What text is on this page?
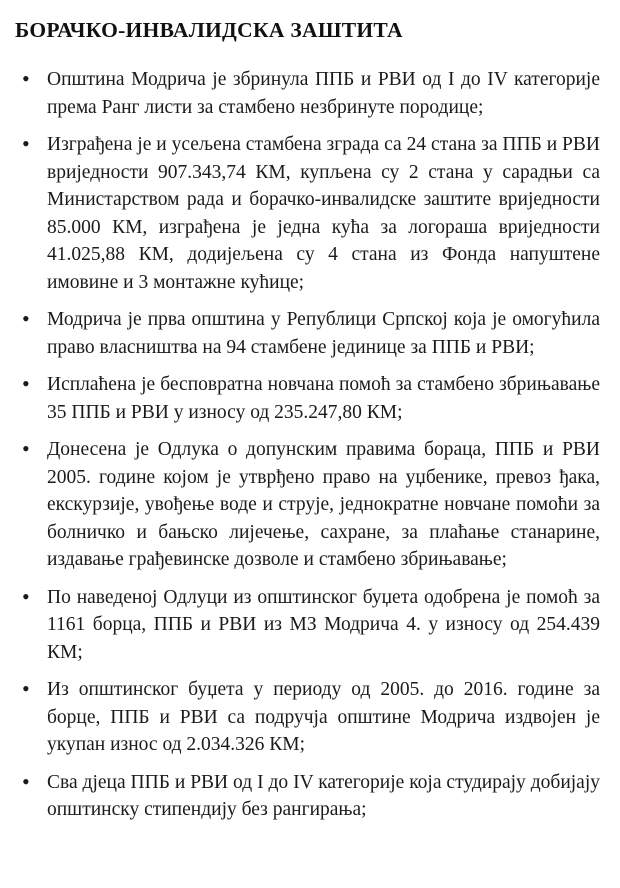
БОРАЧКО-ИНВАЛИДСКА ЗАШТИТА
• Општина Модрича је збринула ППБ и РВИ од I до IV категорије према Ранг листи за стамбено незбринуте породице;
• Изграђена је и усељена стамбена зграда са 24 стана за ППБ и РВИ вриједности 907.343,74 КМ, купљена су 2 стана у сарадњи са Министарством рада и борачко-инвалидске заштите вриједности 85.000 КМ, изграђена је једна кућа за логораша вриједности 41.025,88 КМ, додијељена су 4 стана из Фонда напуштене имовине и 3 монтажне кућице;
• Модрича је прва општина у Републици Српској која је омогућила право власништва на 94 стамбене јединице за ППБ и РВИ;
• Исплаћена је бесповратна новчана помоћ за стамбено збрињавање 35 ППБ и РВИ у износу од 235.247,80 КМ;
• Донесена је Одлука о допунским правима бораца, ППБ и РВИ 2005. године којом је утврђено право на уџбенике, превоз ђака, екскурзије, увођење воде и струје, једнократне новчане помоћи за болничко и бањско лијечење, сахране, за плаћање станарине, издавање грађевинске дозволе и стамбено збрињавање;
• По наведеној Одлуци из општинског буџета одобрена је помоћ за 1161 борца, ППБ и РВИ из МЗ Модрича 4. у износу од 254.439 КМ;
• Из општинског буџета у периоду од 2005. до 2016. године за борце, ППБ и РВИ са подручја општине Модрича издвојен је укупан износ од 2.034.326 КМ;
• Сва дјеца ППБ и РВИ од I до IV категорије која студирају добијају општинску стипендију без рангирања;
